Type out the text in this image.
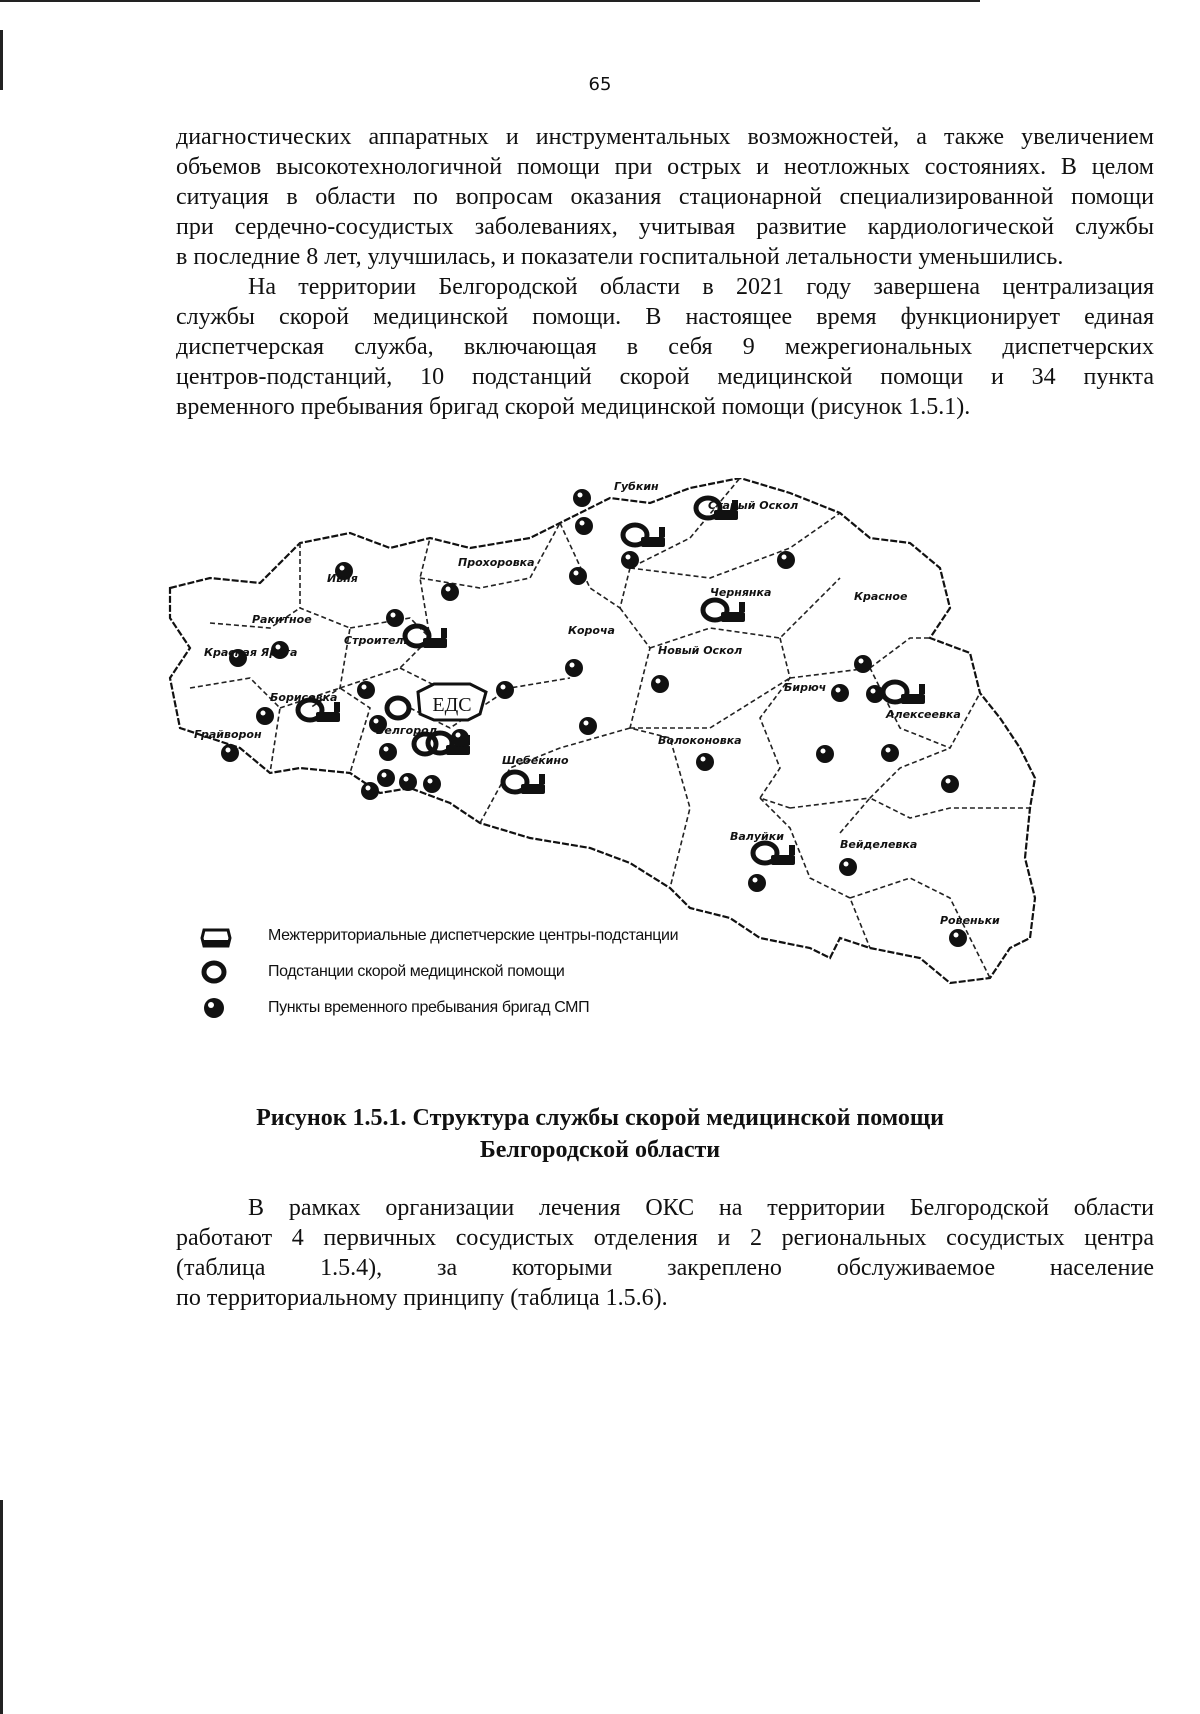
65
диагностических аппаратных и инструментальных возможностей, а также увеличением
объемов высокотехнологичной помощи при острых и неотложных состояниях. В целом
ситуация в области по вопросам оказания стационарной специализированной помощи
при сердечно-сосудистых заболеваниях, учитывая развитие кардиологической службы
в последние 8 лет, улучшилась, и показатели госпитальной летальности уменьшились.
На территории Белгородской области в 2021 году завершена централизация
службы скорой медицинской помощи. В настоящее время функционирует единая
диспетчерская служба, включающая в себя 9 межрегиональных диспетчерских
центров-подстанций, 10 подстанций скорой медицинской помощи и 34 пункта
временного пребывания бригад скорой медицинской помощи (рисунок 1.5.1).
ЕДС
Губкин
Старый Оскол
Прохоровка
Ивня
Чернянка	Красное
Ракитное
Красная Яруга
Строитель
Короча
Новый Оскол
Борисовка
Бирюч
Алексеевка
Грайворон	Белгород
Волоконовка
Шебекино
Валуйки
Вейделевка
Ровеньки
Межтерриториальные диспетчерские центры-подстанции
Подстанции скорой медицинской помощи
Пункты временного пребывания бригад СМП
Рисунок 1.5.1. Структура службы скорой медицинской помощи
Белгородской области
В рамках организации лечения ОКС на территории Белгородской области
работают 4 первичных сосудистых отделения и 2 региональных сосудистых центра
(таблица 1.5.4), за которыми закреплено обслуживаемое население
по территориальному принципу (таблица 1.5.6).
